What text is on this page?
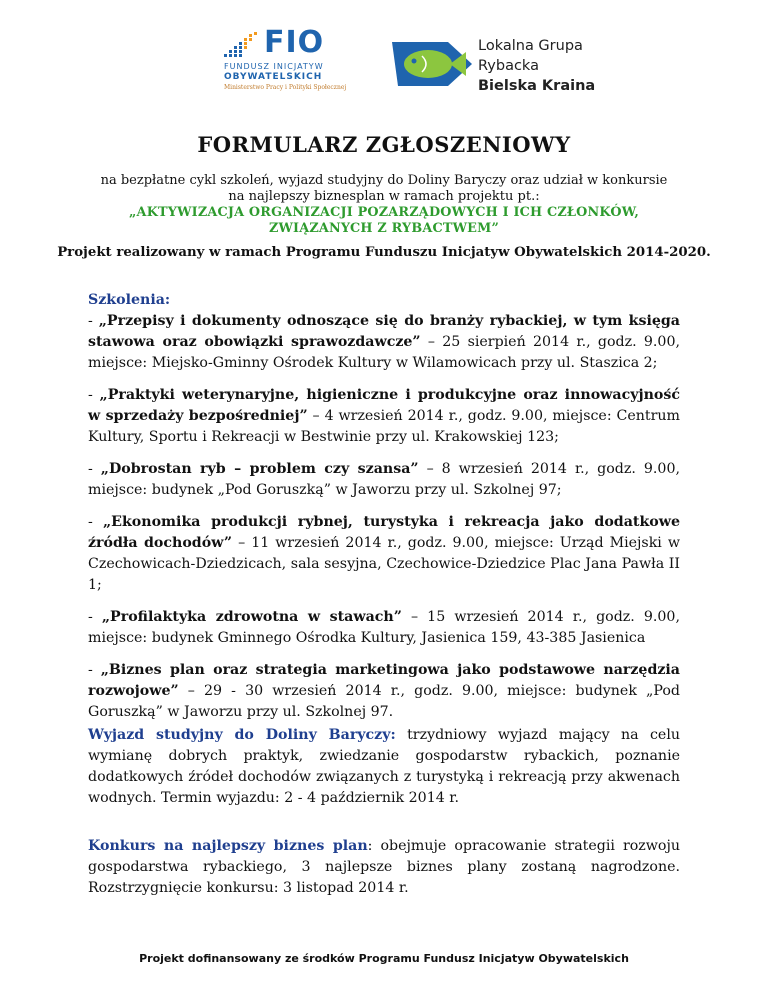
FIO
FUNDUSZ INICJATYW
OBYWATELSKICH
Ministerstwo Pracy i Polityki Społecznej
Lokalna Grupa
Rybacka
Bielska Kraina
FORMULARZ ZGŁOSZENIOWY
na bezpłatne cykl szkoleń, wyjazd studyjny do Doliny Baryczy oraz udział w konkursie
na najlepszy biznesplan w ramach projektu pt.:
„AKTYWIZACJA ORGANIZACJI POZARZĄDOWYCH I ICH CZŁONKÓW,
ZWIĄZANYCH Z RYBACTWEM”
Projekt realizowany w ramach Programu Funduszu Inicjatyw Obywatelskich 2014-2020.

Szkolenia:

- „Przepisy i dokumenty odnoszące się do branży rybackiej, w tym księga stawowa oraz obowiązki sprawozdawcze” – 25 sierpień 2014 r., godz. 9.00, miejsce: Miejsko-Gminny Ośrodek Kultury w Wilamowicach przy ul. Staszica 2;

- „Praktyki weterynaryjne, higieniczne i produkcyjne oraz innowacyjność w sprzedaży bezpośredniej” – 4 wrzesień 2014 r., godz. 9.00, miejsce: Centrum Kultury, Sportu i Rekreacji w Bestwinie przy ul. Krakowskiej 123;

- „Dobrostan ryb – problem czy szansa” – 8 wrzesień 2014 r., godz. 9.00, miejsce: budynek „Pod Goruszką” w Jaworzu przy ul. Szkolnej 97;

- „Ekonomika produkcji rybnej, turystyka i rekreacja jako dodatkowe źródła dochodów” – 11 wrzesień 2014 r., godz. 9.00, miejsce: Urząd Miejski w Czechowicach-Dziedzicach, sala sesyjna, Czechowice-Dziedzice Plac Jana Pawła II 1;

- „Profilaktyka zdrowotna w stawach” – 15 wrzesień 2014 r., godz. 9.00, miejsce: budynek Gminnego Ośrodka Kultury, Jasienica 159, 43-385 Jasienica

- „Biznes plan oraz strategia marketingowa jako podstawowe narzędzia rozwojowe” – 29 - 30 wrzesień 2014 r., godz. 9.00, miejsce: budynek „Pod Goruszką” w Jaworzu przy ul. Szkolnej 97.

Wyjazd studyjny do Doliny Baryczy: trzydniowy wyjazd mający na celu wymianę dobrych praktyk, zwiedzanie gospodarstw rybackich, poznanie dodatkowych źródeł dochodów związanych z turystyką i rekreacją przy akwenach wodnych. Termin wyjazdu: 2 - 4 październik 2014 r.

Konkurs na najlepszy biznes plan: obejmuje opracowanie strategii rozwoju gospodarstwa rybackiego, 3 najlepsze biznes plany zostaną nagrodzone. Rozstrzygnięcie konkursu: 3 listopad 2014 r.

Projekt dofinansowany ze środków Programu Fundusz Inicjatyw Obywatelskich
